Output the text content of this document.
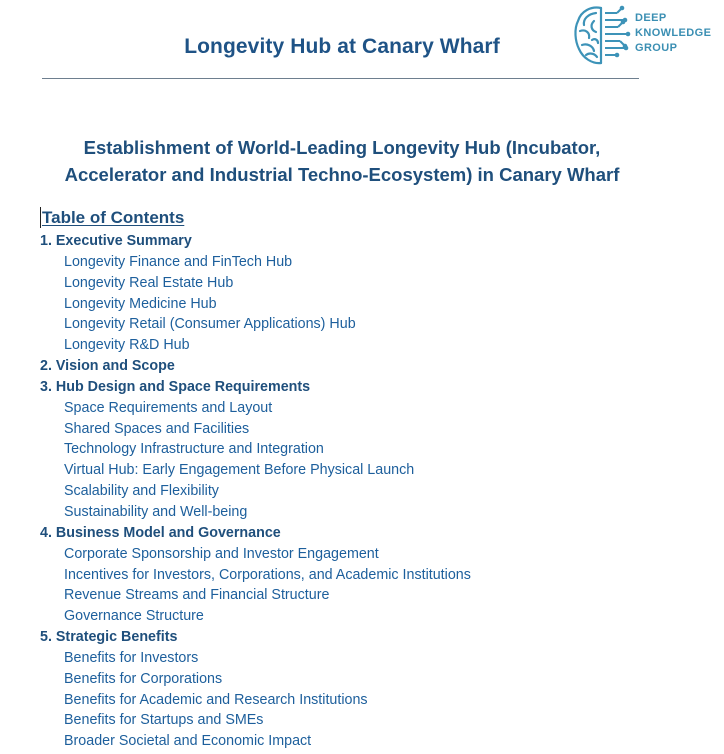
Longevity Hub at Canary Wharf
DEEP
KNOWLEDGE
GROUP
Establishment of World-Leading Longevity Hub (Incubator,
Accelerator and Industrial Techno-Ecosystem) in Canary Wharf
Table of Contents
1. Executive Summary
Longevity Finance and FinTech Hub
Longevity Real Estate Hub
Longevity Medicine Hub
Longevity Retail (Consumer Applications) Hub
Longevity R&D Hub
2. Vision and Scope
3. Hub Design and Space Requirements
Space Requirements and Layout
Shared Spaces and Facilities
Technology Infrastructure and Integration
Virtual Hub: Early Engagement Before Physical Launch
Scalability and Flexibility
Sustainability and Well-being
4. Business Model and Governance
Corporate Sponsorship and Investor Engagement
Incentives for Investors, Corporations, and Academic Institutions
Revenue Streams and Financial Structure
Governance Structure
5. Strategic Benefits
Benefits for Investors
Benefits for Corporations
Benefits for Academic and Research Institutions
Benefits for Startups and SMEs
Broader Societal and Economic Impact
